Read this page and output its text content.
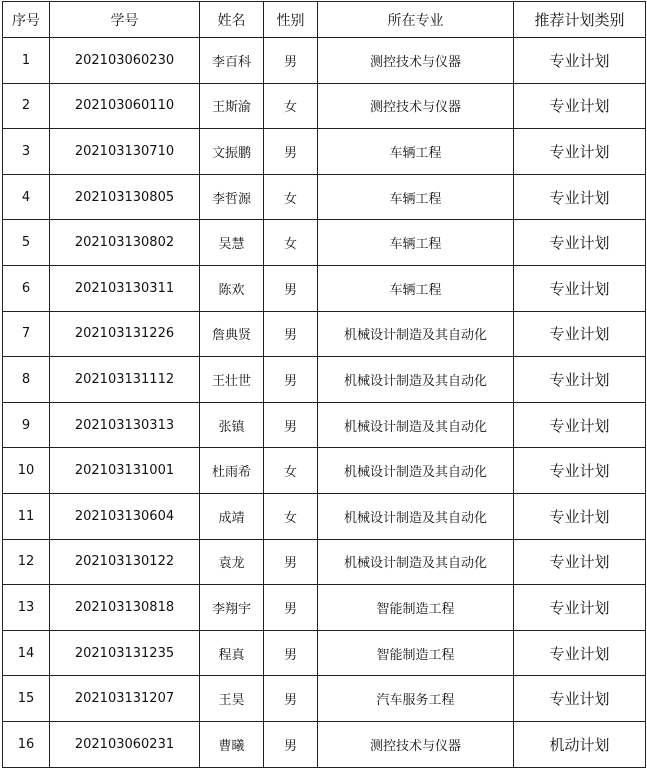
序号	学号	姓名	性别	所在专业	推荐计划类别
1	202103060230	李百科	男	测控技术与仪器	专业计划
2	202103060110	王斯渝	女	测控技术与仪器	专业计划
3	202103130710	文振鹏	男	车辆工程	专业计划
4	202103130805	李哲源	女	车辆工程	专业计划
5	202103130802	吴慧	女	车辆工程	专业计划
6	202103130311	陈欢	男	车辆工程	专业计划
7	202103131226	詹典贤	男	机械设计制造及其自动化	专业计划
8	202103131112	王壮世	男	机械设计制造及其自动化	专业计划
9	202103130313	张镇	男	机械设计制造及其自动化	专业计划
10	202103131001	杜雨希	女	机械设计制造及其自动化	专业计划
11	202103130604	成靖	女	机械设计制造及其自动化	专业计划
12	202103130122	袁龙	男	机械设计制造及其自动化	专业计划
13	202103130818	李翔宇	男	智能制造工程	专业计划
14	202103131235	程真	男	智能制造工程	专业计划
15	202103131207	王昊	男	汽车服务工程	专业计划
16	202103060231	曹曦	男	测控技术与仪器	机动计划
